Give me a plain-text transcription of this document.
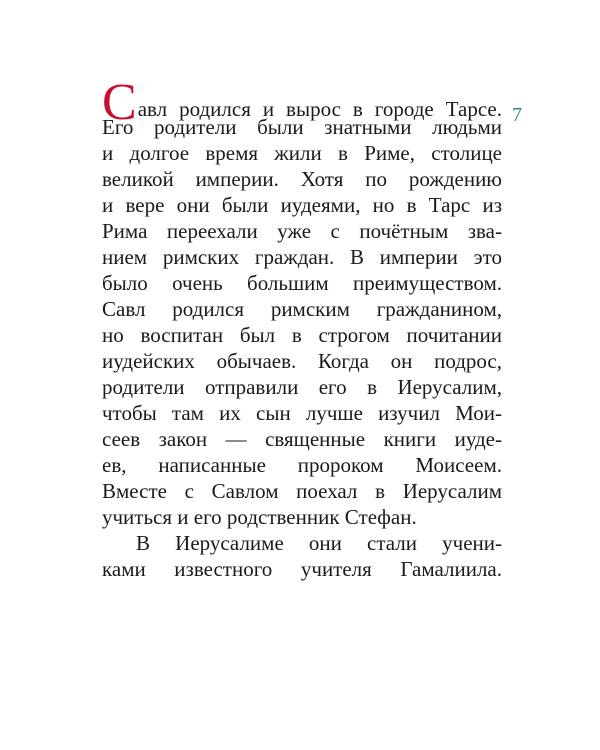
7
Савл родился и вырос в городе Тарсе.
Его родители были знатными людьми
и долгое время жили в Риме, столице
великой империи. Хотя по рождению
и вере они были иудеями, но в Тарс из
Рима переехали уже с почётным зва-
нием римских граждан. В империи это
было очень большим преимуществом.
Савл родился римским гражданином,
но воспитан был в строгом почитании
иудейских обычаев. Когда он подрос,
родители отправили его в Иерусалим,
чтобы там их сын лучше изучил Мои-
сеев закон — священные книги иуде-
ев, написанные пророком Моисеем.
Вместе с Савлом поехал в Иерусалим
учиться и его родственник Стефан.
В Иерусалиме они стали учени-
ками известного учителя Гамалиила.
